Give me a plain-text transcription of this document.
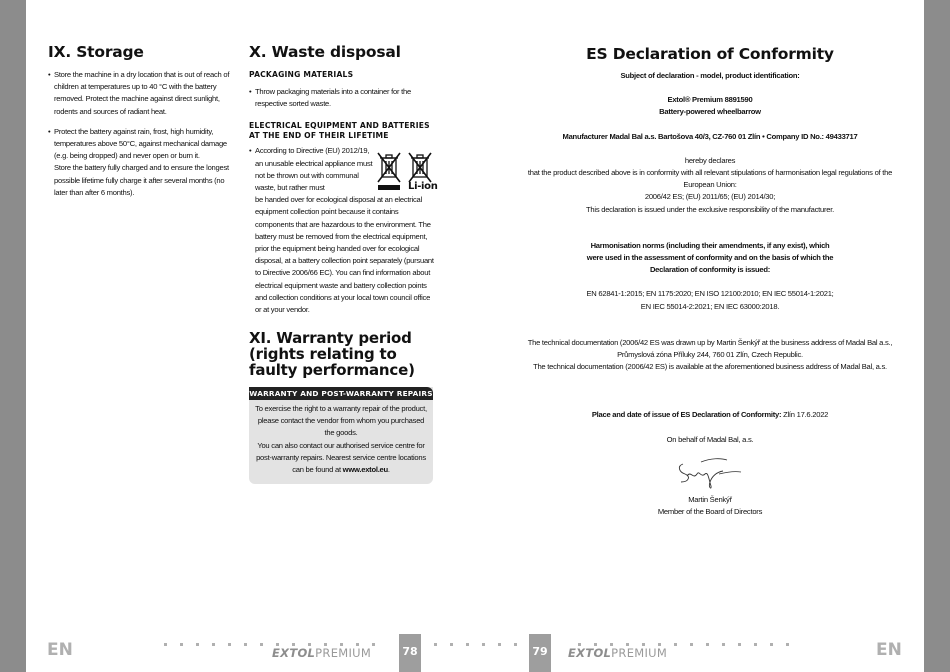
IX. Storage
• Store the machine in a dry location that is out of reach of children at temperatures up to 40 °C with the battery removed. Protect the machine against direct sunlight, rodents and sources of radiant heat.
• Protect the battery against rain, frost, high humidity, temperatures above 50°C, against mechanical damage (e.g. being dropped) and never open or burn it.
Store the battery fully charged and to ensure the longest possible lifetime fully charge it after several months (no later than after 6 months).
X. Waste disposal
PACKAGING MATERIALS
• Throw packaging materials into a container for the respective sorted waste.
ELECTRICAL EQUIPMENT AND BATTERIES AT THE END OF THEIR LIFETIME
• According to Directive (EU) 2012/19, an unusable electrical appliance must not be thrown out with communal waste, but rather must
be handed over for ecological disposal at an electrical equipment collection point because it contains components that are hazardous to the environment. The battery must be removed from the electrical equipment, prior the equipment being handed over for ecological disposal, at a battery collection point separately (pursuant to Directive 2006/66 EC). You can find information about electrical equipment waste and battery collection points and collection conditions at your local town council office or at your vendor.
XI. Warranty period (rights relating to faulty performance)
Li-ion
WARRANTY AND POST-WARRANTY REPAIRS
To exercise the right to a warranty repair of the product, please contact the vendor from whom you purchased the goods.
You can also contact our authorised service centre for post-warranty repairs. Nearest service centre locations can be found at www.extol.eu.
ES Declaration of Conformity

Subject of declaration - model, product identification:

Extol® Premium 8891590

Battery-powered wheelbarrow

Manufacturer Madal Bal a.s. Bartošova 40/3, CZ-760 01 Zlín • Company ID No.: 49433717

hereby declares

that the product described above is in conformity with all relevant stipulations of harmonisation legal regulations of the European Union:

2006/42 ES; (EU) 2011/65; (EU) 2014/30;

This declaration is issued under the exclusive responsibility of the manufacturer.

Harmonisation norms (including their amendments, if any exist), which were used in the assessment of conformity and on the basis of which the Declaration of conformity is issued:

EN 62841-1:2015; EN 1175:2020; EN ISO 12100:2010; EN IEC 55014-1:2021;

EN IEC 55014-2:2021; EN IEC 63000:2018.

The technical documentation (2006/42 ES was drawn up by Martin Šenkýř at the business address of Madal Bal a.s., Průmyslová zóna Příluky 244, 760 01 Zlín, Czech Republic.

The technical documentation (2006/42 ES) is available at the aforementioned business address of Madal Bal, a.s.

Place and date of issue of ES Declaration of Conformity: Zlín 17.6.2022

On behalf of Madal Bal, a.s.

Martin Šenkýř

Member of the Board of Directors

EN	EN
EXTOLPREMIUM	EXTOLPREMIUM
78	79
